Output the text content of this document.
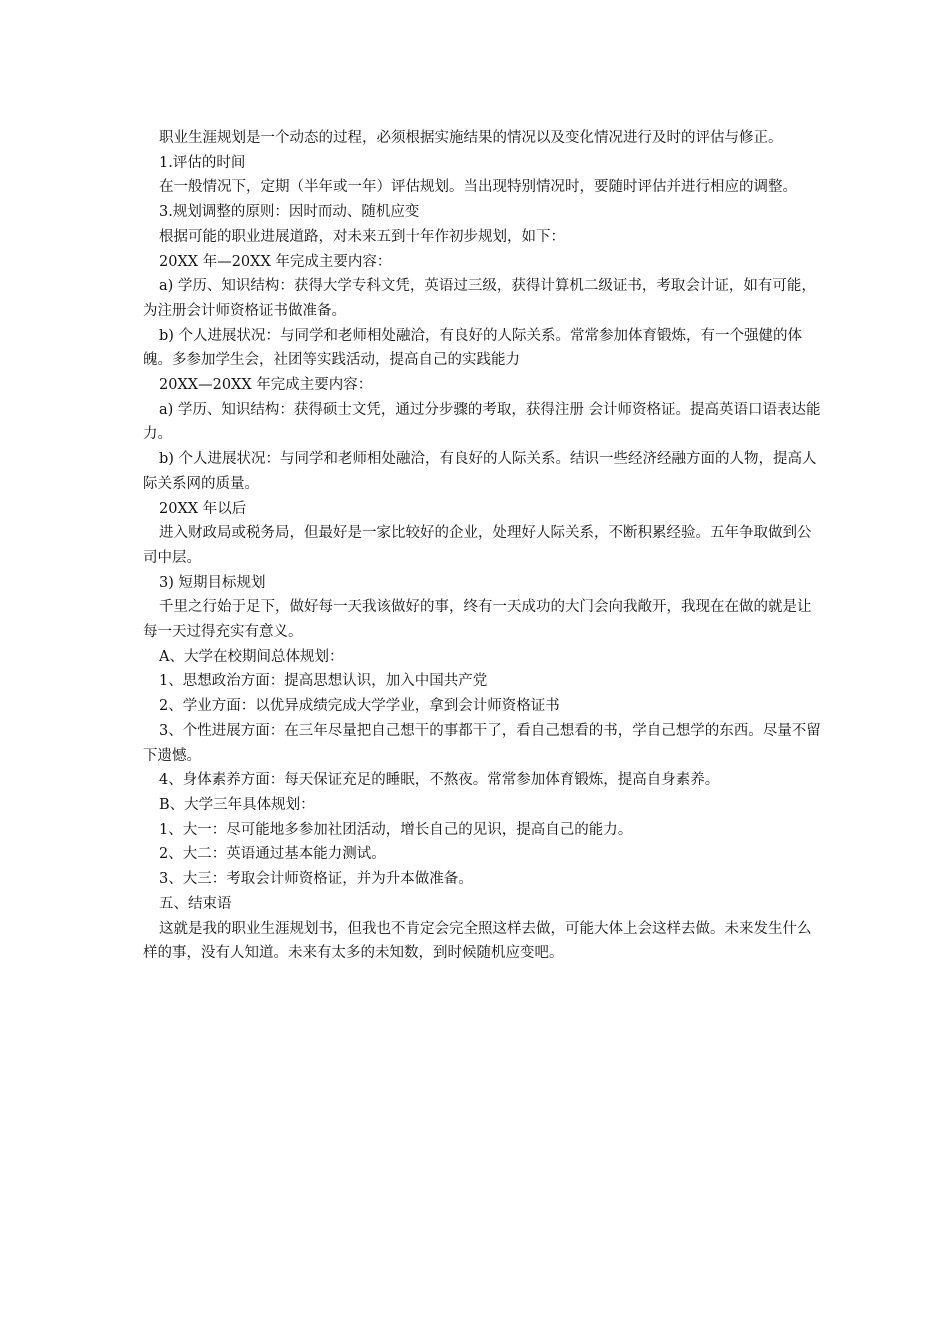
职业生涯规划是一个动态的过程，必须根据实施结果的情况以及变化情况进行及时的评估与修正。

1.评估的时间

在一般情况下，定期（半年或一年）评估规划。当出现特别情况时，要随时评估并进行相应的调整。

3.规划调整的原则：因时而动、随机应变

根据可能的职业进展道路，对未来五到十年作初步规划，如下：

20XX 年—20XX 年完成主要内容：

a) 学历、知识结构：获得大学专科文凭，英语过三级，获得计算机二级证书，考取会计证，如有可能，为注册会计师资格证书做准备。

b) 个人进展状况：与同学和老师相处融洽，有良好的人际关系。常常参加体育锻炼，有一个强健的体魄。多参加学生会，社团等实践活动，提高自己的实践能力

20XX—20XX 年完成主要内容：

a) 学历、知识结构：获得硕士文凭，通过分步骤的考取，获得注册 会计师资格证。提高英语口语表达能力。

b) 个人进展状况：与同学和老师相处融洽，有良好的人际关系。结识一些经济经融方面的人物，提高人际关系网的质量。

20XX 年以后

进入财政局或税务局，但最好是一家比较好的企业，处理好人际关系，不断积累经验。五年争取做到公司中层。

3) 短期目标规划

千里之行始于足下，做好每一天我该做好的事，终有一天成功的大门会向我敞开，我现在在做的就是让每一天过得充实有意义。

A、大学在校期间总体规划：

1、思想政治方面：提高思想认识，加入中国共产党

2、学业方面：以优异成绩完成大学学业，拿到会计师资格证书

3、个性进展方面：在三年尽量把自己想干的事都干了，看自己想看的书，学自己想学的东西。尽量不留下遗憾。

4、身体素养方面：每天保证充足的睡眠，不熬夜。常常参加体育锻炼，提高自身素养。

B、大学三年具体规划：

1、大一：尽可能地多参加社团活动，增长自己的见识，提高自己的能力。

2、大二：英语通过基本能力测试。

3、大三：考取会计师资格证，并为升本做准备。

五、结束语

这就是我的职业生涯规划书，但我也不肯定会完全照这样去做，可能大体上会这样去做。未来发生什么样的事，没有人知道。未来有太多的未知数，到时候随机应变吧。
